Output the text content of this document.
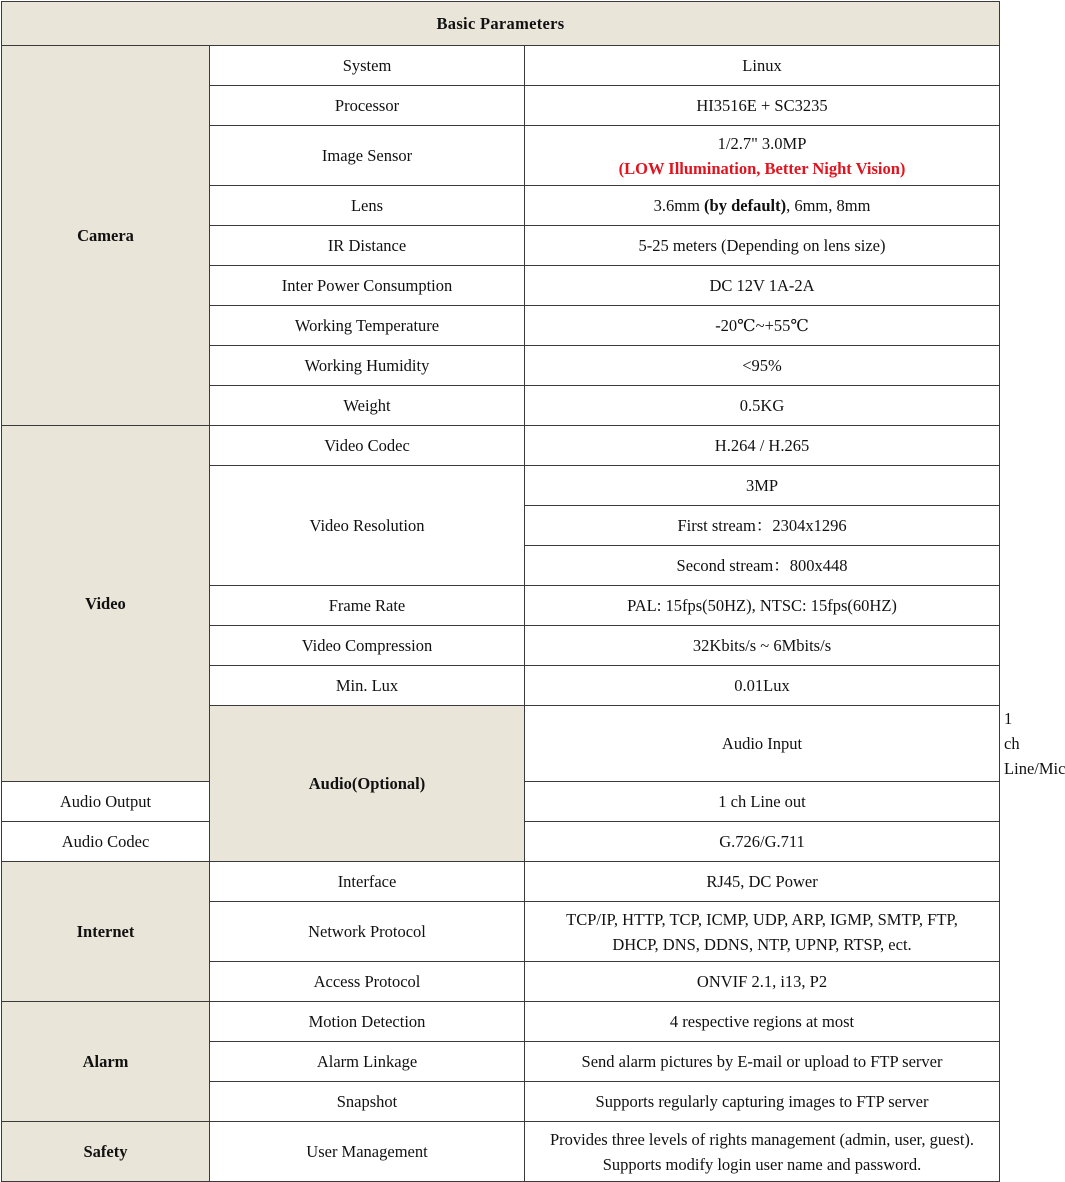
Basic Parameters			
Camera	System	Linux	
	Processor	HI3516E + SC3235	
	Image Sensor	1/2.7" 3.0MP
(LOW Illumination, Better Night Vision)	

	Lens	3.6mm (by default), 6mm, 8mm	
	IR Distance	5-25 meters (Depending on lens size)	
	Inter Power Consumption	DC 12V 1A-2A	
	Working Temperature	-20℃~+55℃	
	Working Humidity	<95%	
	Weight	0.5KG	
Video	Video Codec	H.264 / H.265	
	Video Resolution	3MP	
		First stream：2304x1296	
		Second stream：800x448	
	Frame Rate	PAL: 15fps(50HZ), NTSC: 15fps(60HZ)	
	Video Compression	32Kbits/s ~ 6Mbits/s	
	Min. Lux	0.01Lux	
	Audio(Optional)	Audio Input	1 ch Line/Mic
Audio Output		1 ch Line out	
Audio Codec		G.726/G.711	
Internet	Interface	RJ45, DC Power	
	Network Protocol	TCP/IP, HTTP, TCP, ICMP, UDP, ARP, IGMP, SMTP, FTP,
DHCP, DNS, DDNS, NTP, UPNP, RTSP, ect.	

	Access Protocol	ONVIF 2.1, i13, P2	
Alarm	Motion Detection	4 respective regions at most	
	Alarm Linkage	Send alarm pictures by E-mail or upload to FTP server	
	Snapshot	Supports regularly capturing images to FTP server	
Safety	User Management	Provides three levels of rights management (admin, user, guest).
Supports modify login user name and password.	
